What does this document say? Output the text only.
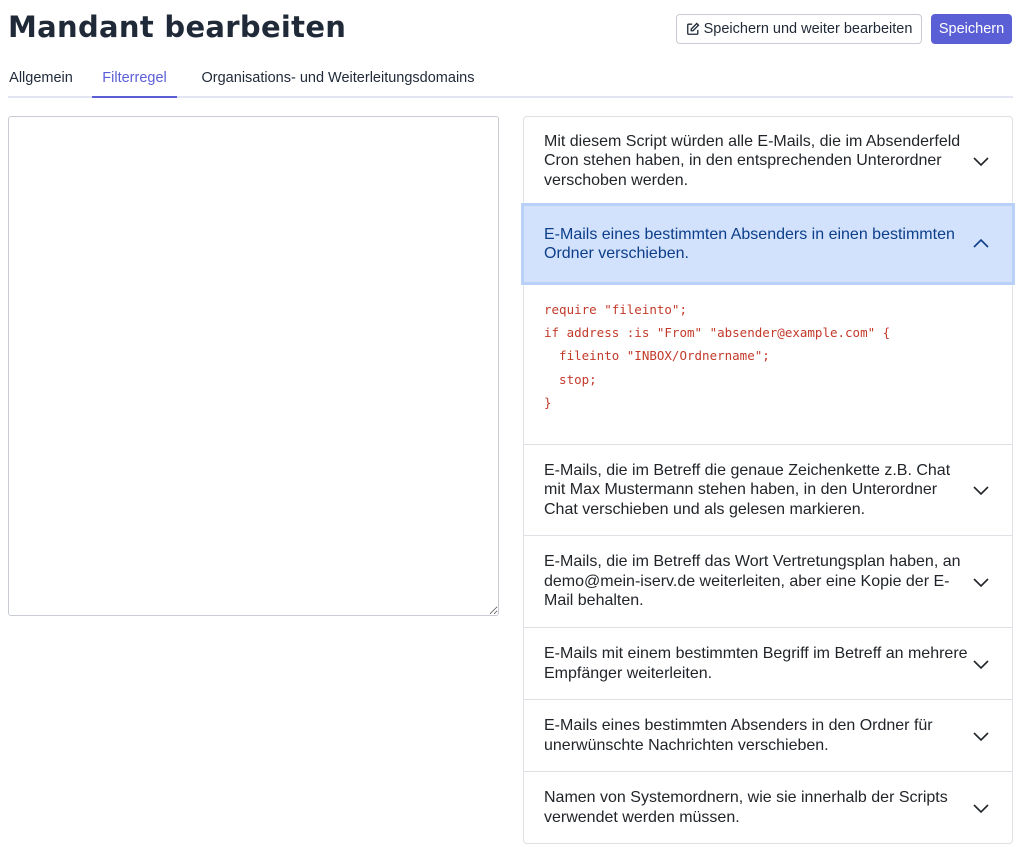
Mandant bearbeiten	Speichern und weiter bearbeiten	Speichern
Allgemein	Filterregel	Organisations- und Weiterleitungsdomains
Mit diesem Script würden alle E-Mails, die im Absenderfeld Cron stehen haben, in den entsprechenden Unterordner verschoben werden.
E-Mails eines bestimmten Absenders in einen bestimmten Ordner verschieben.
require "fileinto";
if address :is "From" "absender@example.com" {
fileinto "INBOX/Ordnername";
stop;
}
E-Mails, die im Betreff die genaue Zeichenkette z.B. Chat mit Max Mustermann stehen haben, in den Unterordner Chat verschieben und als gelesen markieren.
E-Mails, die im Betreff das Wort Vertretungsplan haben, an demo@mein-iserv.de weiterleiten, aber eine Kopie der E-Mail behalten.
E-Mails mit einem bestimmten Begriff im Betreff an mehrere Empfänger weiterleiten.
E-Mails eines bestimmten Absenders in den Ordner für unerwünschte Nachrichten verschieben.
Namen von Systemordnern, wie sie innerhalb der Scripts verwendet werden müssen.
